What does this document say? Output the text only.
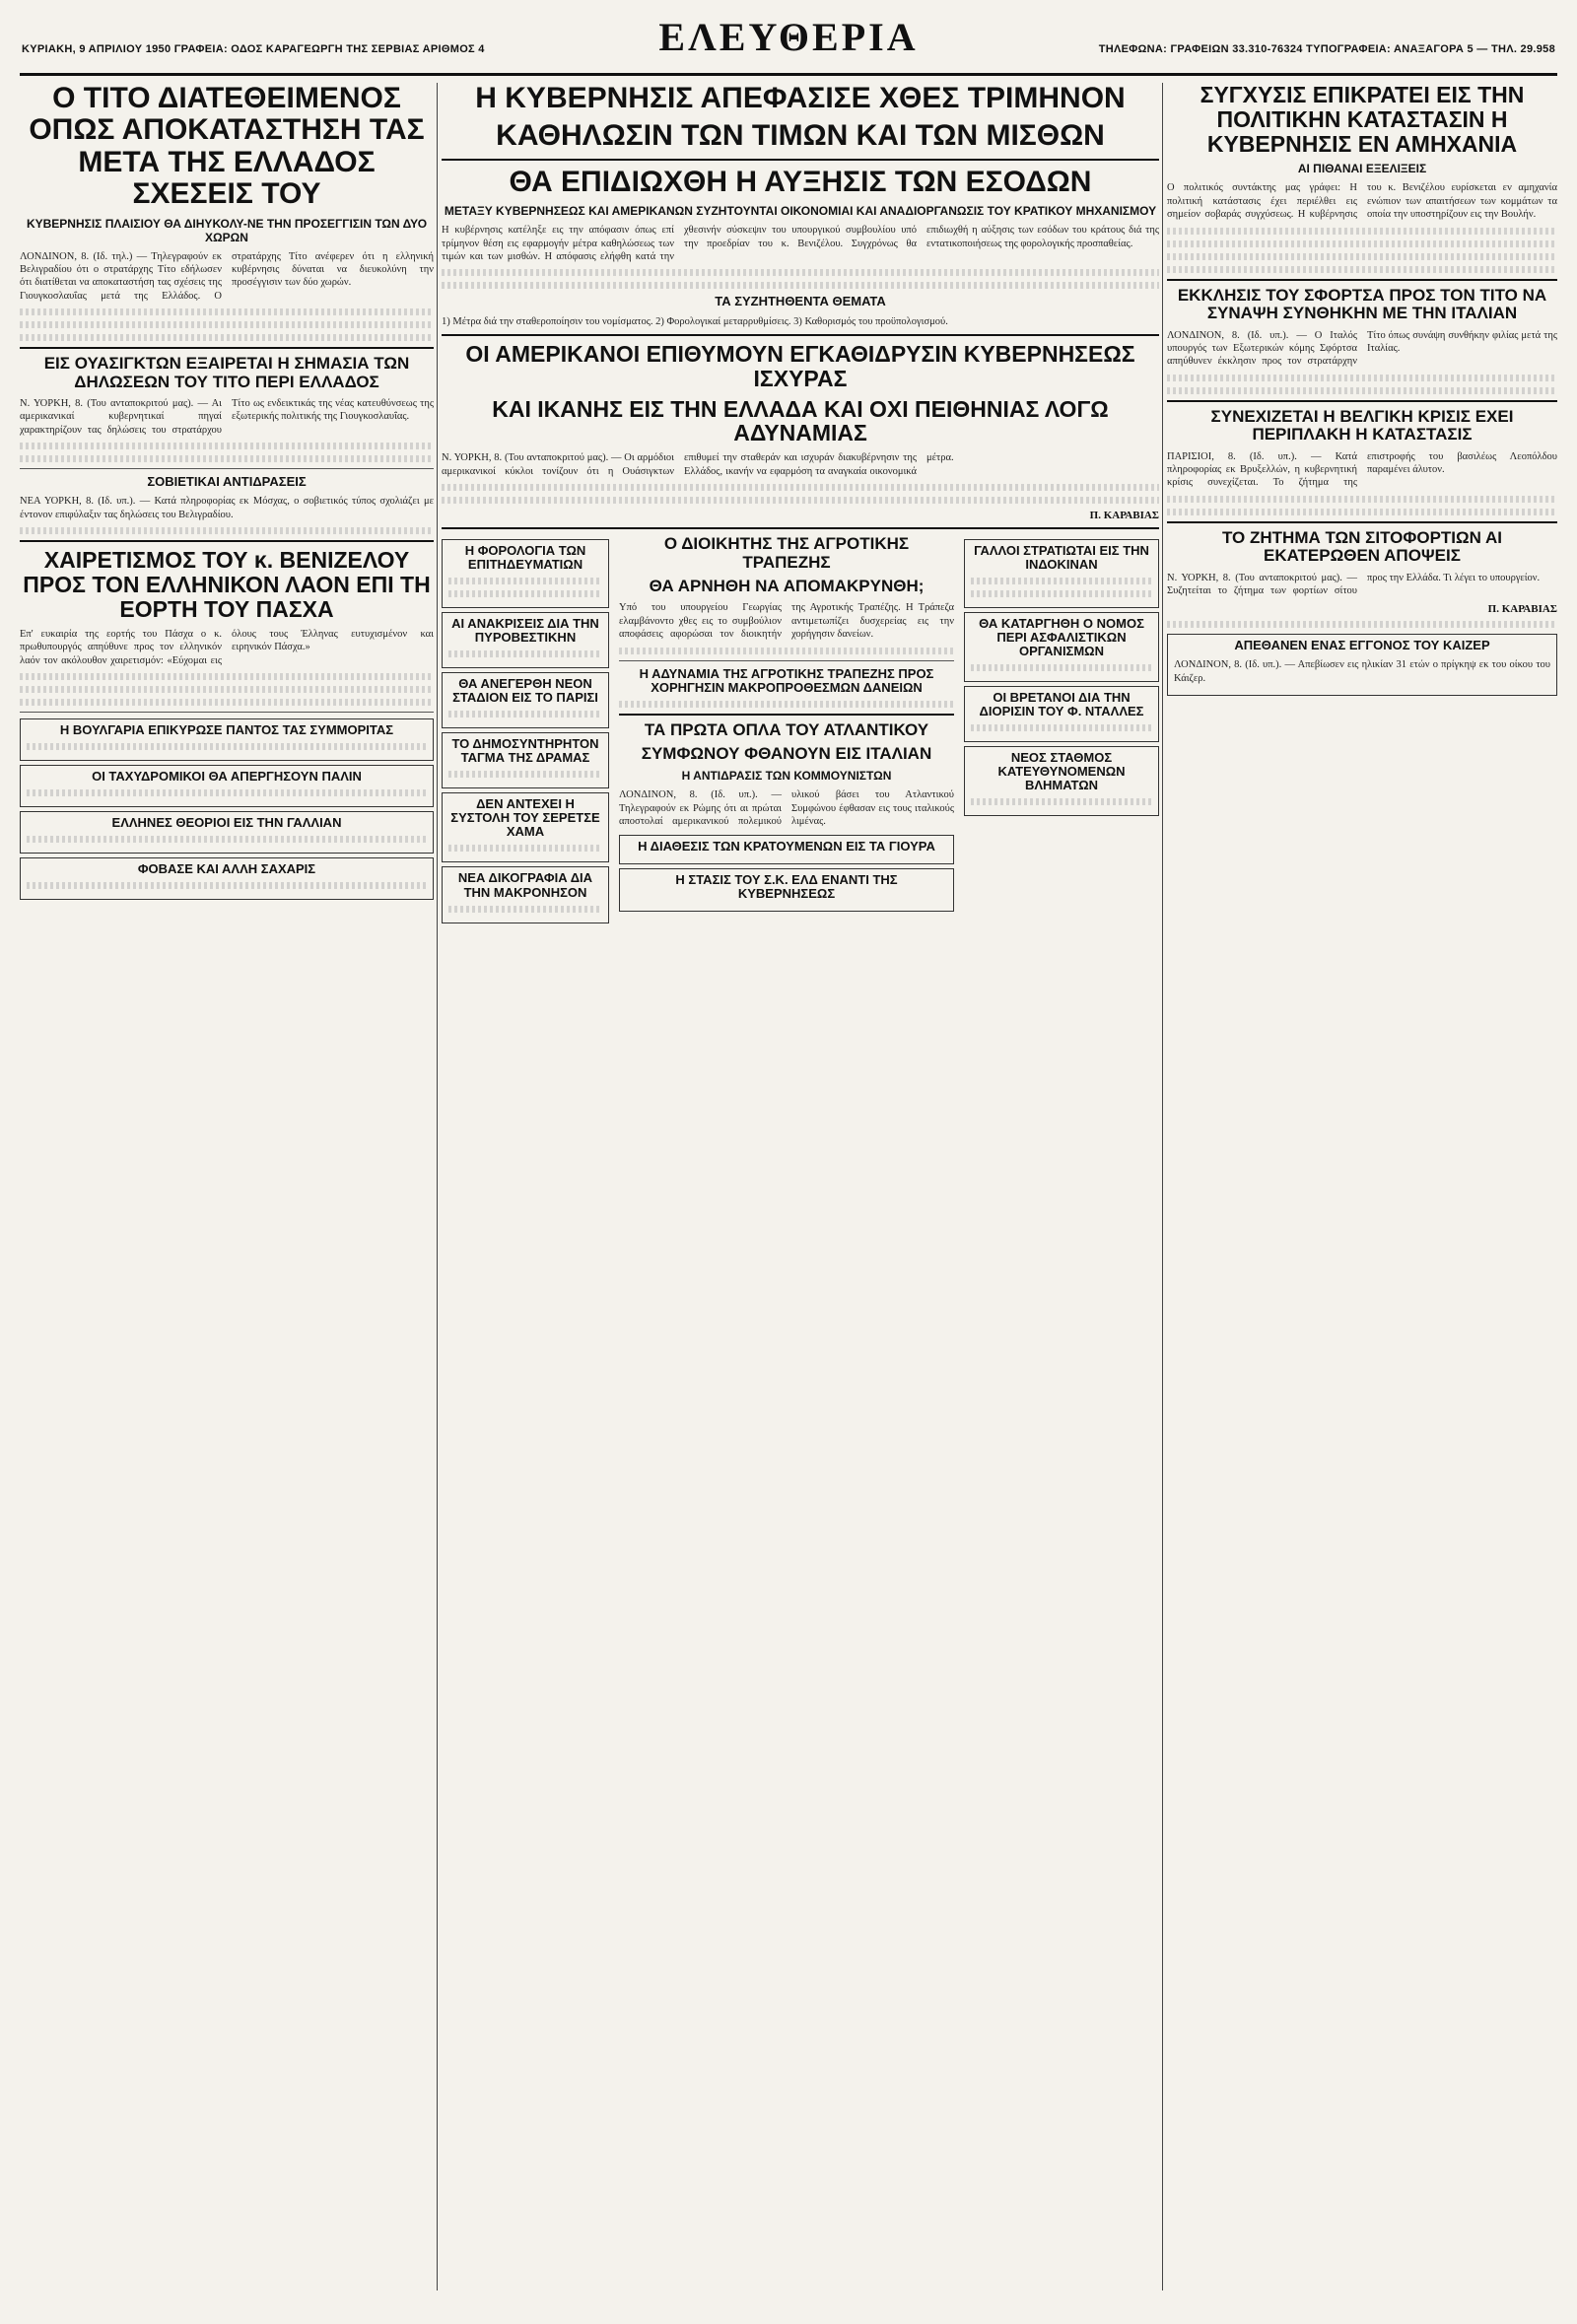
ΚΥΡΙΑΚΗ, 9 ΑΠΡΙΛΙΟΥ 1950 ΓΡΑΦΕΙΑ: ΟΔΟΣ ΚΑΡΑΓΕΩΡΓΗ ΤΗΣ ΣΕΡΒΙΑΣ ΑΡΙΘΜΟΣ 4	ΕΛΕΥΘΕΡΙΑ	ΤΗΛΕΦΩΝΑ: ΓΡΑΦΕΙΩΝ 33.310-76324 ΤΥΠΟΓΡΑΦΕΙΑ: ΑΝΑΞΑΓΟΡΑ 5 — ΤΗΛ. 29.958
Ο ΤΙΤΟ ΔΙΑΤΕΘΕΙΜΕΝΟΣ ΟΠΩΣ ΑΠΟΚΑΤΑΣΤΗΣΗ ΤΑΣ ΜΕΤΑ ΤΗΣ ΕΛΛΑΔΟΣ ΣΧΕΣΕΙΣ ΤΟΥ
ΚΥΒΕΡΝΗΣΙΣ ΠΛΑΙΣΙΟΥ ΘΑ ΔΙΗΥΚΟΛΥ-ΝΕ ΤΗΝ ΠΡΟΣΕΓΓΙΣΙΝ ΤΩΝ ΔΥΟ ΧΩΡΩΝ
ΛΟΝΔΙΝΟΝ, 8. (Ιδ. τηλ.) — Τηλεγραφούν εκ Βελιγραδίου ότι ο στρατάρχης Τίτο εδήλωσεν ότι διατίθεται να αποκαταστήση τας σχέσεις της Γιουγκοσλαυΐας μετά της Ελλάδος. Ο στρατάρχης Τίτο ανέφερεν ότι η ελληνική κυβέρνησις δύναται να διευκολύνη την προσέγγισιν των δύο χωρών.
ΕΙΣ ΟΥΑΣΙΓΚΤΩΝ ΕΞΑΙΡΕΤΑΙ Η ΣΗΜΑΣΙΑ ΤΩΝ ΔΗΛΩΣΕΩΝ ΤΟΥ ΤΙΤΟ ΠΕΡΙ ΕΛΛΑΔΟΣ
Ν. ΥΟΡΚΗ, 8. (Του ανταποκριτού μας). — Αι αμερικανικαί κυβερνητικαί πηγαί χαρακτηρίζουν τας δηλώσεις του στρατάρχου Τίτο ως ενδεικτικάς της νέας κατευθύνσεως της εξωτερικής πολιτικής της Γιουγκοσλαυΐας.
ΣΟΒΙΕΤΙΚΑΙ ΑΝΤΙΔΡΑΣΕΙΣ
ΝΕΑ ΥΟΡΚΗ, 8. (Ιδ. υπ.). — Κατά πληροφορίας εκ Μόσχας, ο σοβιετικός τύπος σχολιάζει με έντονον επιφύλαξιν τας δηλώσεις του Βελιγραδίου.
ΧΑΙΡΕΤΙΣΜΟΣ ΤΟΥ κ. ΒΕΝΙΖΕΛΟΥ ΠΡΟΣ ΤΟΝ ΕΛΛΗΝΙΚΟΝ ΛΑΟΝ ΕΠΙ ΤΗ ΕΟΡΤΗ ΤΟΥ ΠΑΣΧΑ
Επ' ευκαιρία της εορτής του Πάσχα ο κ. πρωθυπουργός απηύθυνε προς τον ελληνικόν λαόν τον ακόλουθον χαιρετισμόν: «Εύχομαι εις όλους τους Έλληνας ευτυχισμένον και ειρηνικόν Πάσχα.»
Η ΒΟΥΛΓΑΡΙΑ ΕΠΙΚΥΡΩΣΕ ΠΑΝΤΟΣ ΤΑΣ ΣΥΜΜΟΡΙΤΑΣ
ΟΙ ΤΑΧΥΔΡΟΜΙΚΟΙ ΘΑ ΑΠΕΡΓΗΣΟΥΝ ΠΑΛΙΝ
ΕΛΛΗΝΕΣ ΘΕΟΡΙΟΙ ΕΙΣ ΤΗΝ ΓΑΛΛΙΑΝ
ΦΟΒΑΣΕ ΚΑΙ ΑΛΛΗ ΣΑΧΑΡΙΣ
Η ΚΥΒΕΡΝΗΣΙΣ ΑΠΕΦΑΣΙΣΕ ΧΘΕΣ ΤΡΙΜΗΝΟΝ
ΚΑΘΗΛΩΣΙΝ ΤΩΝ ΤΙΜΩΝ ΚΑΙ ΤΩΝ ΜΙΣΘΩΝ
ΘΑ ΕΠΙΔΙΩΧΘΗ Η ΑΥΞΗΣΙΣ ΤΩΝ ΕΣΟΔΩΝ
ΜΕΤΑΞΥ ΚΥΒΕΡΝΗΣΕΩΣ ΚΑΙ ΑΜΕΡΙΚΑΝΩΝ ΣΥΖΗΤΟΥΝΤΑΙ ΟΙΚΟΝΟΜΙΑΙ ΚΑΙ ΑΝΑΔΙΟΡΓΑΝΩΣΙΣ ΤΟΥ ΚΡΑΤΙΚΟΥ ΜΗΧΑΝΙΣΜΟΥ
Η κυβέρνησις κατέληξε εις την απόφασιν όπως επί τρίμηνον θέση εις εφαρμογήν μέτρα καθηλώσεως των τιμών και των μισθών. Η απόφασις ελήφθη κατά την χθεσινήν σύσκεψιν του υπουργικού συμβουλίου υπό την προεδρίαν του κ. Βενιζέλου. Συγχρόνως θα επιδιωχθή η αύξησις των εσόδων του κράτους διά της εντατικοποιήσεως της φορολογικής προσπαθείας.
ΤΑ ΣΥΖΗΤΗΘΕΝΤΑ ΘΕΜΑΤΑ
1) Μέτρα διά την σταθεροποίησιν του νομίσματος. 2) Φορολογικαί μεταρρυθμίσεις. 3) Καθορισμός του προϋπολογισμού.
ΟΙ ΑΜΕΡΙΚΑΝΟΙ ΕΠΙΘΥΜΟΥΝ ΕΓΚΑΘΙΔΡΥΣΙΝ ΚΥΒΕΡΝΗΣΕΩΣ ΙΣΧΥΡΑΣ
ΚΑΙ ΙΚΑΝΗΣ ΕΙΣ ΤΗΝ ΕΛΛΑΔΑ ΚΑΙ ΟΧΙ ΠΕΙΘΗΝΙΑΣ ΛΟΓΩ ΑΔΥΝΑΜΙΑΣ
Ν. ΥΟΡΚΗ, 8. (Του ανταποκριτού μας). — Οι αρμόδιοι αμερικανικοί κύκλοι τονίζουν ότι η Ουάσιγκτων επιθυμεί την σταθεράν και ισχυράν διακυβέρνησιν της Ελλάδος, ικανήν να εφαρμόση τα αναγκαία οικονομικά μέτρα.
Π. ΚΑΡΑΒΙΑΣ
Η ΦΟΡΟΛΟΓΙΑ ΤΩΝ ΕΠΙΤΗΔΕΥΜΑΤΙΩΝ
ΑΙ ΑΝΑΚΡΙΣΕΙΣ ΔΙΑ ΤΗΝ ΠΥΡΟΒΕΣΤΙΚΗΝ
ΘΑ ΑΝΕΓΕΡΘΗ ΝΕΟΝ ΣΤΑΔΙΟΝ ΕΙΣ ΤΟ ΠΑΡΙΣΙ
ΤΟ ΔΗΜΟΣΥΝΤΗΡΗΤΟΝ ΤΑΓΜΑ ΤΗΣ ΔΡΑΜΑΣ
ΔΕΝ ΑΝΤΕΧΕΙ Η ΣΥΣΤΟΛΗ ΤΟΥ ΣΕΡΕΤΣΕ ΧΑΜΑ
ΝΕΑ ΔΙΚΟΓΡΑΦΙΑ ΔΙΑ ΤΗΝ ΜΑΚΡΟΝΗΣΟΝ
Ο ΔΙΟΙΚΗΤΗΣ ΤΗΣ ΑΓΡΟΤΙΚΗΣ ΤΡΑΠΕΖΗΣ
ΘΑ ΑΡΝΗΘΗ ΝΑ ΑΠΟΜΑΚΡΥΝΘΗ;
Υπό του υπουργείου Γεωργίας ελαμβάνοντο χθες εις το συμβούλιον αποφάσεις αφορώσαι τον διοικητήν της Αγροτικής Τραπέζης. Η Τράπεζα αντιμετωπίζει δυσχερείας εις την χορήγησιν δανείων.
Η ΑΔΥΝΑΜΙΑ ΤΗΣ ΑΓΡΟΤΙΚΗΣ ΤΡΑΠΕΖΗΣ ΠΡΟΣ ΧΟΡΗΓΗΣΙΝ ΜΑΚΡΟΠΡΟΘΕΣΜΩΝ ΔΑΝΕΙΩΝ
ΤΑ ΠΡΩΤΑ ΟΠΛΑ ΤΟΥ ΑΤΛΑΝΤΙΚΟΥ
ΣΥΜΦΩΝΟΥ ΦΘΑΝΟΥΝ ΕΙΣ ΙΤΑΛΙΑΝ
Η ΑΝΤΙΔΡΑΣΙΣ ΤΩΝ ΚΟΜΜΟΥΝΙΣΤΩΝ
ΛΟΝΔΙΝΟΝ, 8. (Ιδ. υπ.). — Τηλεγραφούν εκ Ρώμης ότι αι πρώται αποστολαί αμερικανικού πολεμικού υλικού βάσει του Ατλαντικού Συμφώνου έφθασαν εις τους ιταλικούς λιμένας.
Η ΔΙΑΘΕΣΙΣ ΤΩΝ ΚΡΑΤΟΥΜΕΝΩΝ ΕΙΣ ΤΑ ΓΙΟΥΡΑ
Η ΣΤΑΣΙΣ ΤΟΥ Σ.Κ. ΕΛΔ ΕΝΑΝΤΙ ΤΗΣ ΚΥΒΕΡΝΗΣΕΩΣ
ΓΑΛΛΟΙ ΣΤΡΑΤΙΩΤΑΙ ΕΙΣ ΤΗΝ ΙΝΔΟΚΙΝΑΝ
ΘΑ ΚΑΤΑΡΓΗΘΗ Ο ΝΟΜΟΣ ΠΕΡΙ ΑΣΦΑΛΙΣΤΙΚΩΝ ΟΡΓΑΝΙΣΜΩΝ
ΟΙ ΒΡΕΤΑΝΟΙ ΔΙΑ ΤΗΝ ΔΙΟΡΙΣΙΝ ΤΟΥ Φ. ΝΤΑΛΛΕΣ
ΝΕΟΣ ΣΤΑΘΜΟΣ ΚΑΤΕΥΘΥΝΟΜΕΝΩΝ ΒΛΗΜΑΤΩΝ
ΣΥΓΧΥΣΙΣ ΕΠΙΚΡΑΤΕΙ ΕΙΣ ΤΗΝ ΠΟΛΙΤΙΚΗΝ ΚΑΤΑΣΤΑΣΙΝ Η ΚΥΒΕΡΝΗΣΙΣ ΕΝ ΑΜΗΧΑΝΙΑ
ΑΙ ΠΙΘΑΝΑΙ ΕΞΕΛΙΞΕΙΣ
Ο πολιτικός συντάκτης μας γράφει: Η πολιτική κατάστασις έχει περιέλθει εις σημείον σοβαράς συγχύσεως. Η κυβέρνησις του κ. Βενιζέλου ευρίσκεται εν αμηχανία ενώπιον των απαιτήσεων των κομμάτων τα οποία την υποστηρίζουν εις την Βουλήν.
ΕΚΚΛΗΣΙΣ ΤΟΥ ΣΦΟΡΤΣΑ ΠΡΟΣ ΤΟΝ ΤΙΤΟ ΝΑ ΣΥΝΑΨΗ ΣΥΝΘΗΚΗΝ ΜΕ ΤΗΝ ΙΤΑΛΙΑΝ
ΛΟΝΔΙΝΟΝ, 8. (Ιδ. υπ.). — Ο Ιταλός υπουργός των Εξωτερικών κόμης Σφόρτσα απηύθυνεν έκκλησιν προς τον στρατάρχην Τίτο όπως συνάψη συνθήκην φιλίας μετά της Ιταλίας.
ΣΥΝΕΧΙΖΕΤΑΙ Η ΒΕΛΓΙΚΗ ΚΡΙΣΙΣ ΕΧΕΙ ΠΕΡΙΠΛΑΚΗ Η ΚΑΤΑΣΤΑΣΙΣ
ΠΑΡΙΣΙΟΙ, 8. (Ιδ. υπ.). — Κατά πληροφορίας εκ Βρυξελλών, η κυβερνητική κρίσις συνεχίζεται. Το ζήτημα της επιστροφής του βασιλέως Λεοπόλδου παραμένει άλυτον.
ΤΟ ΖΗΤΗΜΑ ΤΩΝ ΣΙΤΟΦΟΡΤΙΩΝ ΑΙ ΕΚΑΤΕΡΩΘΕΝ ΑΠΟΨΕΙΣ
Ν. ΥΟΡΚΗ, 8. (Του ανταποκριτού μας). — Συζητείται το ζήτημα των φορτίων σίτου προς την Ελλάδα. Τι λέγει το υπουργείον.
Π. ΚΑΡΑΒΙΑΣ
ΑΠΕΘΑΝΕΝ ΕΝΑΣ ΕΓΓΟΝΟΣ ΤΟΥ ΚΑΙΖΕΡ
ΛΟΝΔΙΝΟΝ, 8. (Ιδ. υπ.). — Απεβίωσεν εις ηλικίαν 31 ετών ο πρίγκηψ εκ του οίκου του Κάιζερ.
